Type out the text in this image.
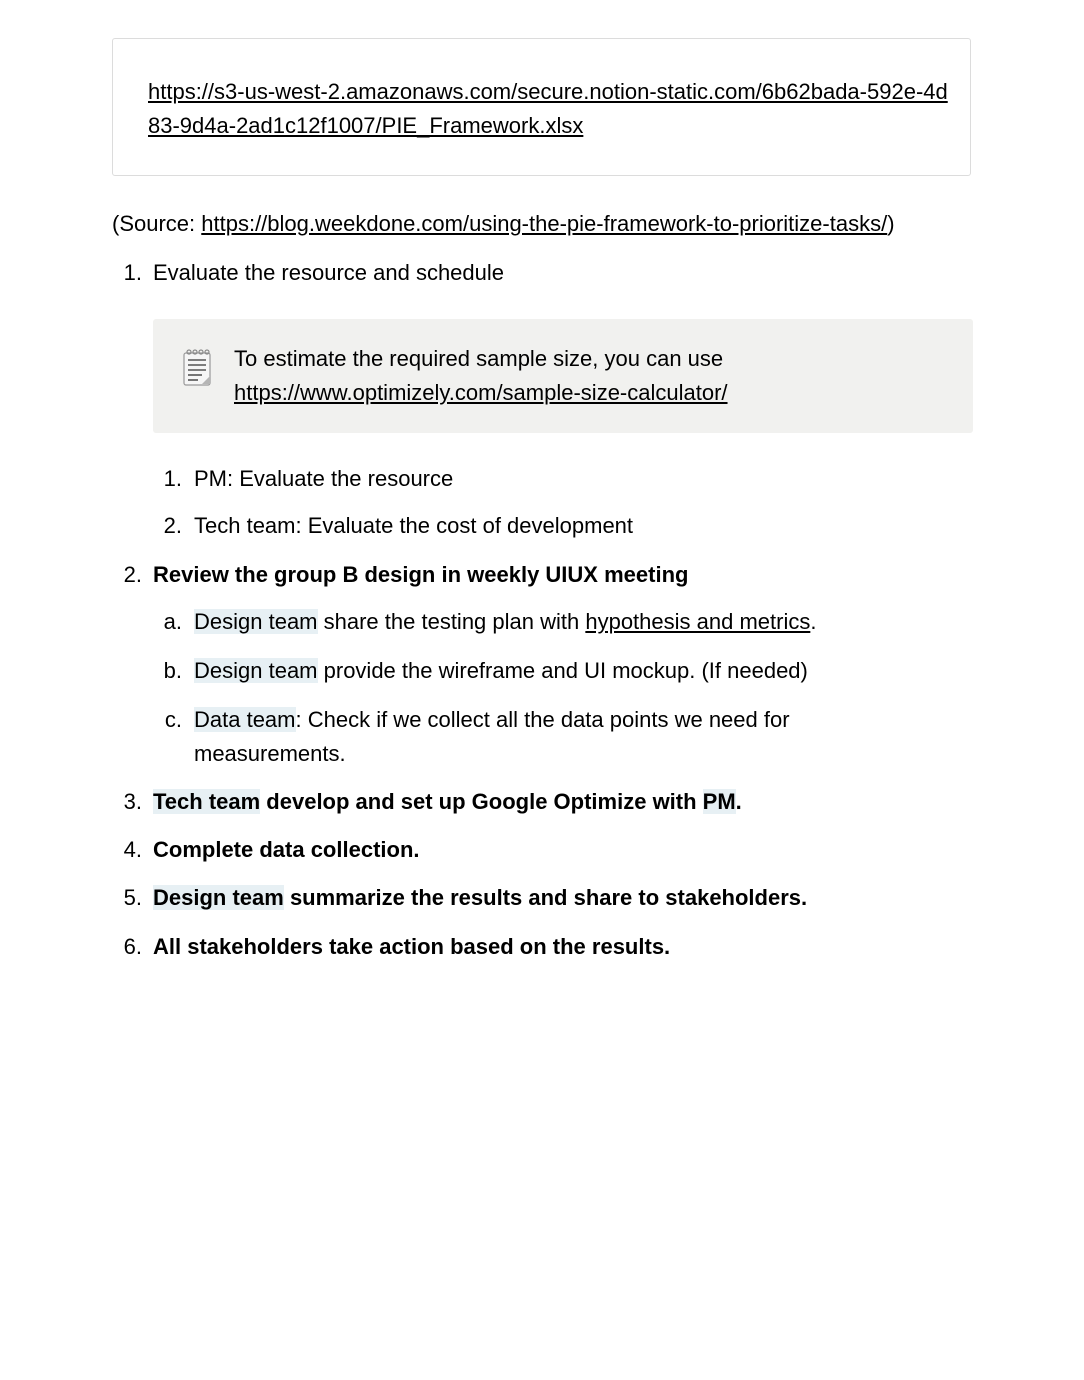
https://s3-us-west-2.amazonaws.com/secure.notion-static.com/6b62bada-592e-4d83-9d4a-2ad1c12f1007/PIE_Framework.xlsx
(Source: https://blog.weekdone.com/using-the-pie-framework-to-prioritize-tasks/)
1. Evaluate the resource and schedule
To estimate the required sample size, you can use
https://www.optimizely.com/sample-size-calculator/
1. PM: Evaluate the resource
2. Tech team: Evaluate the cost of development
2. Review the group B design in weekly UIUX meeting
a. Design team share the testing plan with hypothesis and metrics.
b. Design team provide the wireframe and UI mockup. (If needed)
c. Data team: Check if we collect all the data points we need for
measurements.
3. Tech team develop and set up Google Optimize with PM.
4. Complete data collection.
5. Design team summarize the results and share to stakeholders.
6. All stakeholders take action based on the results.
